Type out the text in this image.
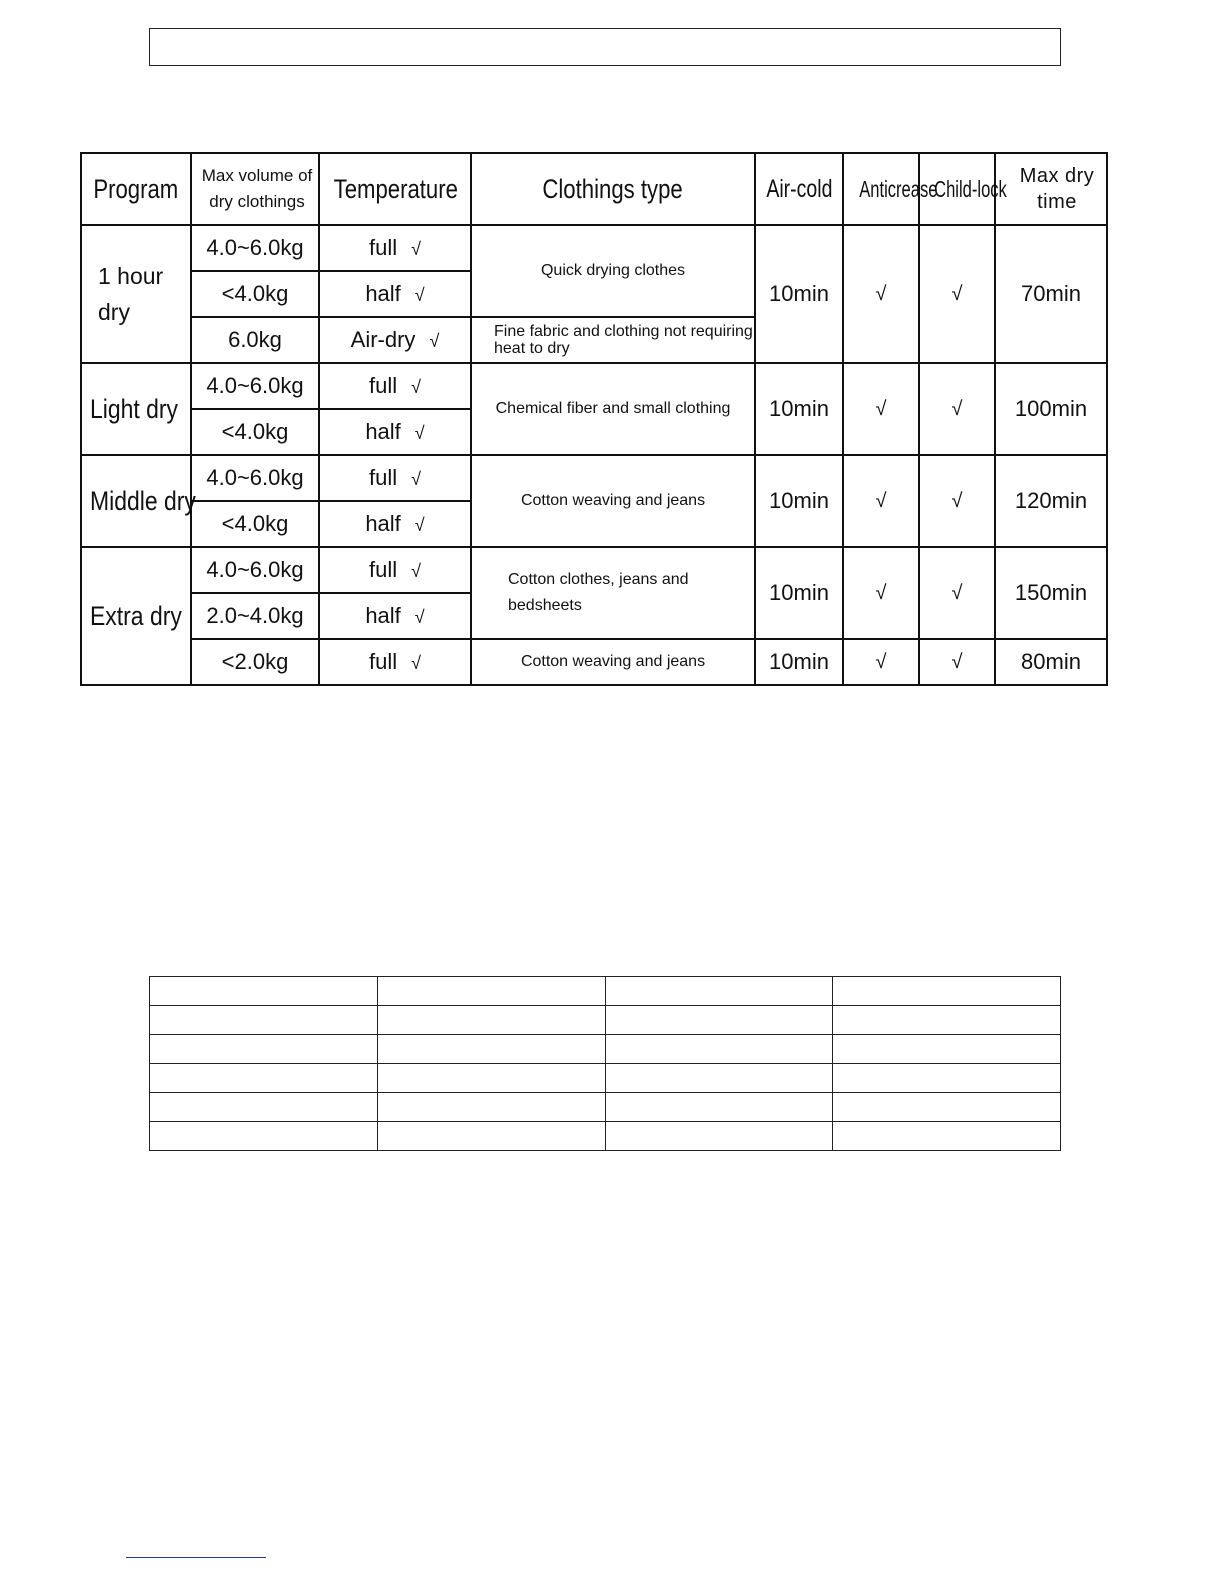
Program	Max volume of dry clothings	Temperature	Clothings type	Air-cold	Anticrease	Child-lock	Max dry time
1 hour dry	4.0~6.0kg	full √	Quick drying clothes	10min	√	√	70min
	<4.0kg	half √					
	6.0kg	Air-dry √	Fine fabric and clothing not requiring heat to dry				
Light dry	4.0~6.0kg	full √	Chemical fiber and small clothing	10min	√	√	100min
	<4.0kg	half √					
Middle dry	4.0~6.0kg	full √	Cotton weaving and jeans	10min	√	√	120min
	<4.0kg	half √					
Extra dry	4.0~6.0kg	full √	Cotton clothes, jeans and bedsheets	10min	√	√	150min
	2.0~4.0kg	half √					
	<2.0kg	full √	Cotton weaving and jeans	10min	√	√	80min
